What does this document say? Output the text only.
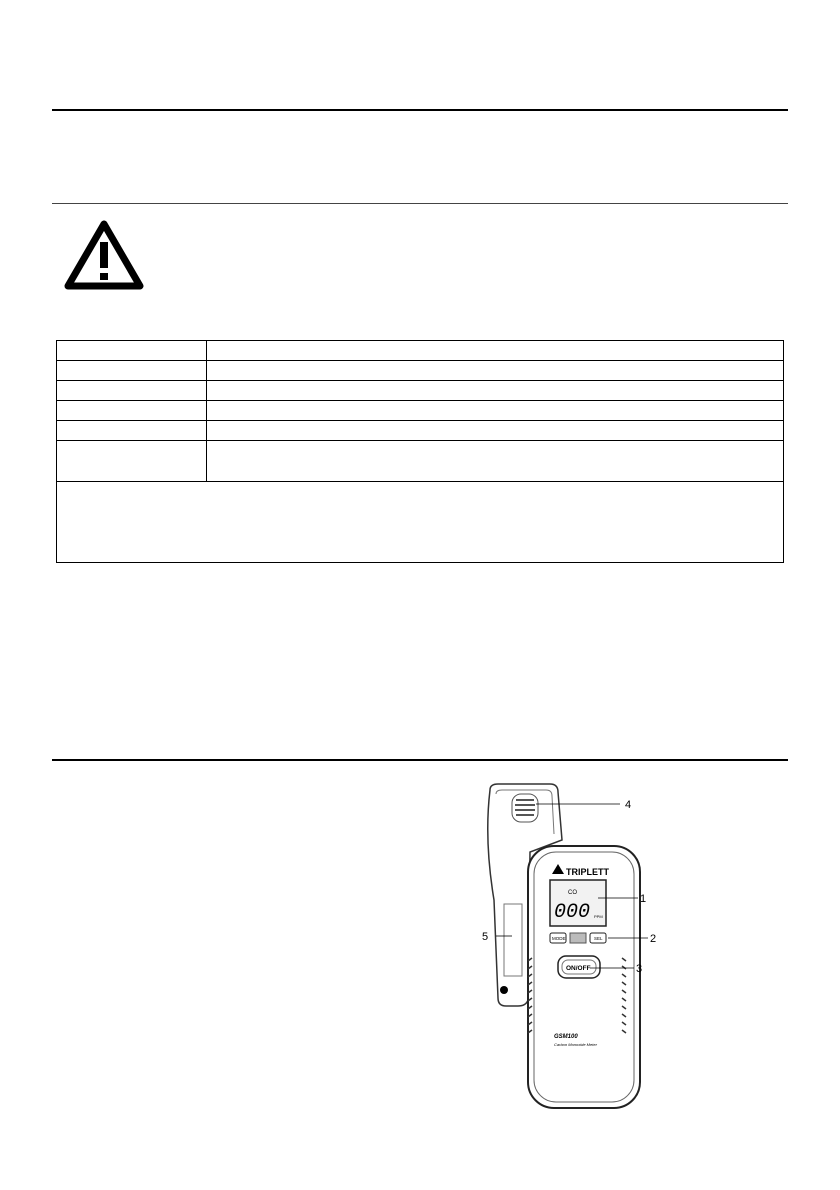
TRIPLETT
CO
000 PPM
MODE	SEL
ON/OFF
GSM100
Carbon Monoxide Meter
4
1
2
3
5
